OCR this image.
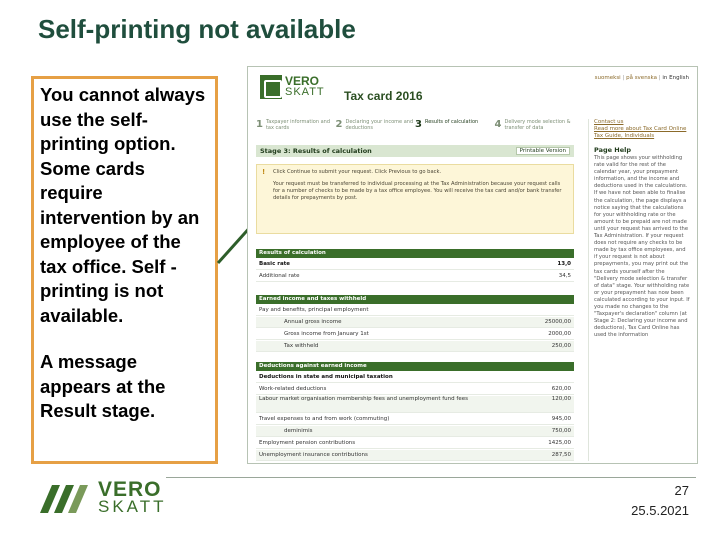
Self-printing not available

You cannot always use the self-printing option. Some cards require intervention by an employee of the tax office. Self -printing is not available.

A message appears at the Result stage.

VERO
SKATT Tax card 2016
suomeksi | på svenska | in English
1 Taxpayer information and tax cards	2 Declaring your income and deductions	3 Results of calculation 4 Delivery mode selection & transfer of data
Stage 3: Results of calculation	Printable Version
! Click Continue to submit your request. Click Previous to go back.
Your request must be transferred to individual processing at the Tax Administration because your request calls for a number of checks to be made by a tax office employee. You will receive the tax card and/or bank transfer details for prepayments by post.
Results of calculation
Basic rate	13,0
Additional rate	34,5
Earned income and taxes withheld
Pay and benefits, principal employment
Annual gross income	25000,00
Gross income from January 1st	2000,00
Tax withheld	250,00
Deductions against earned income
Deductions in state and municipal taxation
Work-related deductions	620,00
Labour market organisation membership fees and unemployment fund fees	120,00
Travel expenses to and from work (commuting)	945,00
deminimis	750,00
Employment pension contributions	1425,00
Unemployment insurance contributions	287,50
Contact us
Read more about Tax Card Online
Tax Guide, Individuals
Page Help
This page shows your withholding rate valid for the rest of the calendar year, your prepayment information, and the income and deductions used in the calculations. If we have not been able to finalise the calculation, the page displays a notice saying that the calculations for your withholding rate or the amount to be prepaid are not made until your request has arrived to the Tax Administration. If your request does not require any checks to be made by tax office employees, and if your request is not about prepayments, you may print out the tax cards yourself after the "Delivery mode selection & transfer of data" stage. Your withholding rate or your prepayment has now been calculated according to your input. If you made no changes to the "Taxpayer's declaration" column (at Stage 2: Declaring your income and deductions), Tax Card Online has used the information
VERO
SKATT
27
25.5.2021
